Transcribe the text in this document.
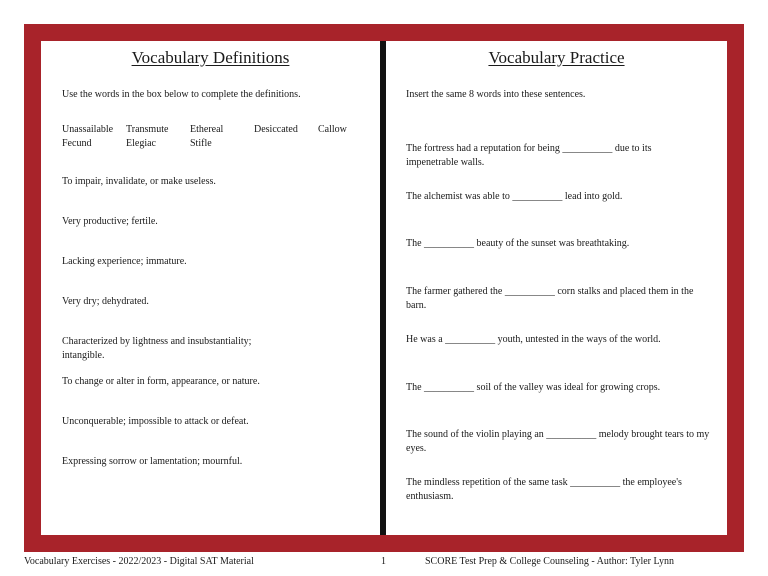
Vocabulary Definitions
Use the words in the box below to complete the definitions.
Unassailable Transmute Ethereal	Desiccated Callow
Fecund	Elegiac	Stifle
To impair, invalidate, or make useless.
Very productive; fertile.
Lacking experience; immature.
Very dry; dehydrated.
Characterized by lightness and insubstantiality; intangible.
To change or alter in form, appearance, or nature.
Unconquerable; impossible to attack or defeat.
Expressing sorrow or lamentation; mournful.
Vocabulary Practice
Insert the same 8 words into these sentences.
The fortress had a reputation for being __________ due to its impenetrable walls.
The alchemist was able to __________ lead into gold.
The __________ beauty of the sunset was breathtaking.
The farmer gathered the __________ corn stalks and placed them in the barn.
He was a __________ youth, untested in the ways of the world.
The __________ soil of the valley was ideal for growing crops.
The sound of the violin playing an __________ melody brought tears to my eyes.
The mindless repetition of the same task __________ the employee's enthusiasm.
Vocabulary Exercises - 2022/2023 - Digital SAT Material	1	SCORE Test Prep & College Counseling - Author: Tyler Lynn
